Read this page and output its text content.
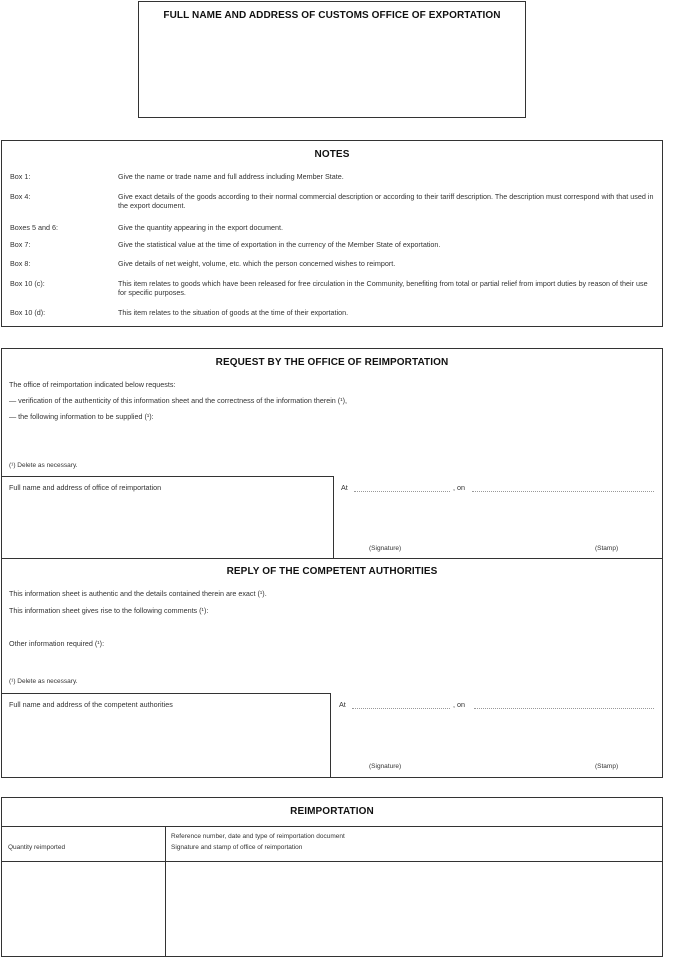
FULL NAME AND ADDRESS OF CUSTOMS OFFICE OF EXPORTATION
NOTES
Box 1:	Give the name or trade name and full address including Member State.
Box 4:	Give exact details of the goods according to their normal commercial description or according to their tariff description. The description must correspond with that used in the export document.
Boxes 5 and 6:	Give the quantity appearing in the export document.
Box 7:	Give the statistical value at the time of exportation in the currency of the Member State of exportation.
Box 8:	Give details of net weight, volume, etc. which the person concerned wishes to reimport.
Box 10 (c):	This item relates to goods which have been released for free circulation in the Community, benefiting from total or partial relief from import duties by reason of their use for specific purposes.
Box 10 (d):	This item relates to the situation of goods at the time of their exportation.
REQUEST BY THE OFFICE OF REIMPORTATION
The office of reimportation indicated below requests:
— verification of the authenticity of this information sheet and the correctness of the information therein (¹),
— the following information to be supplied (¹):
(¹) Delete as necessary.
Full name and address of office of reimportation	At	, on
(Signature)	(Stamp)
REPLY OF THE COMPETENT AUTHORITIES
This information sheet is authentic and the details contained therein are exact (¹).
This information sheet gives rise to the following comments (¹):
Other information required (¹):
(¹) Delete as necessary.
Full name and address of the competent authorities	At	, on
(Signature)	(Stamp)
REIMPORTATION
Quantity reimported
Reference number, date and type of reimportation document
Signature and stamp of office of reimportation
